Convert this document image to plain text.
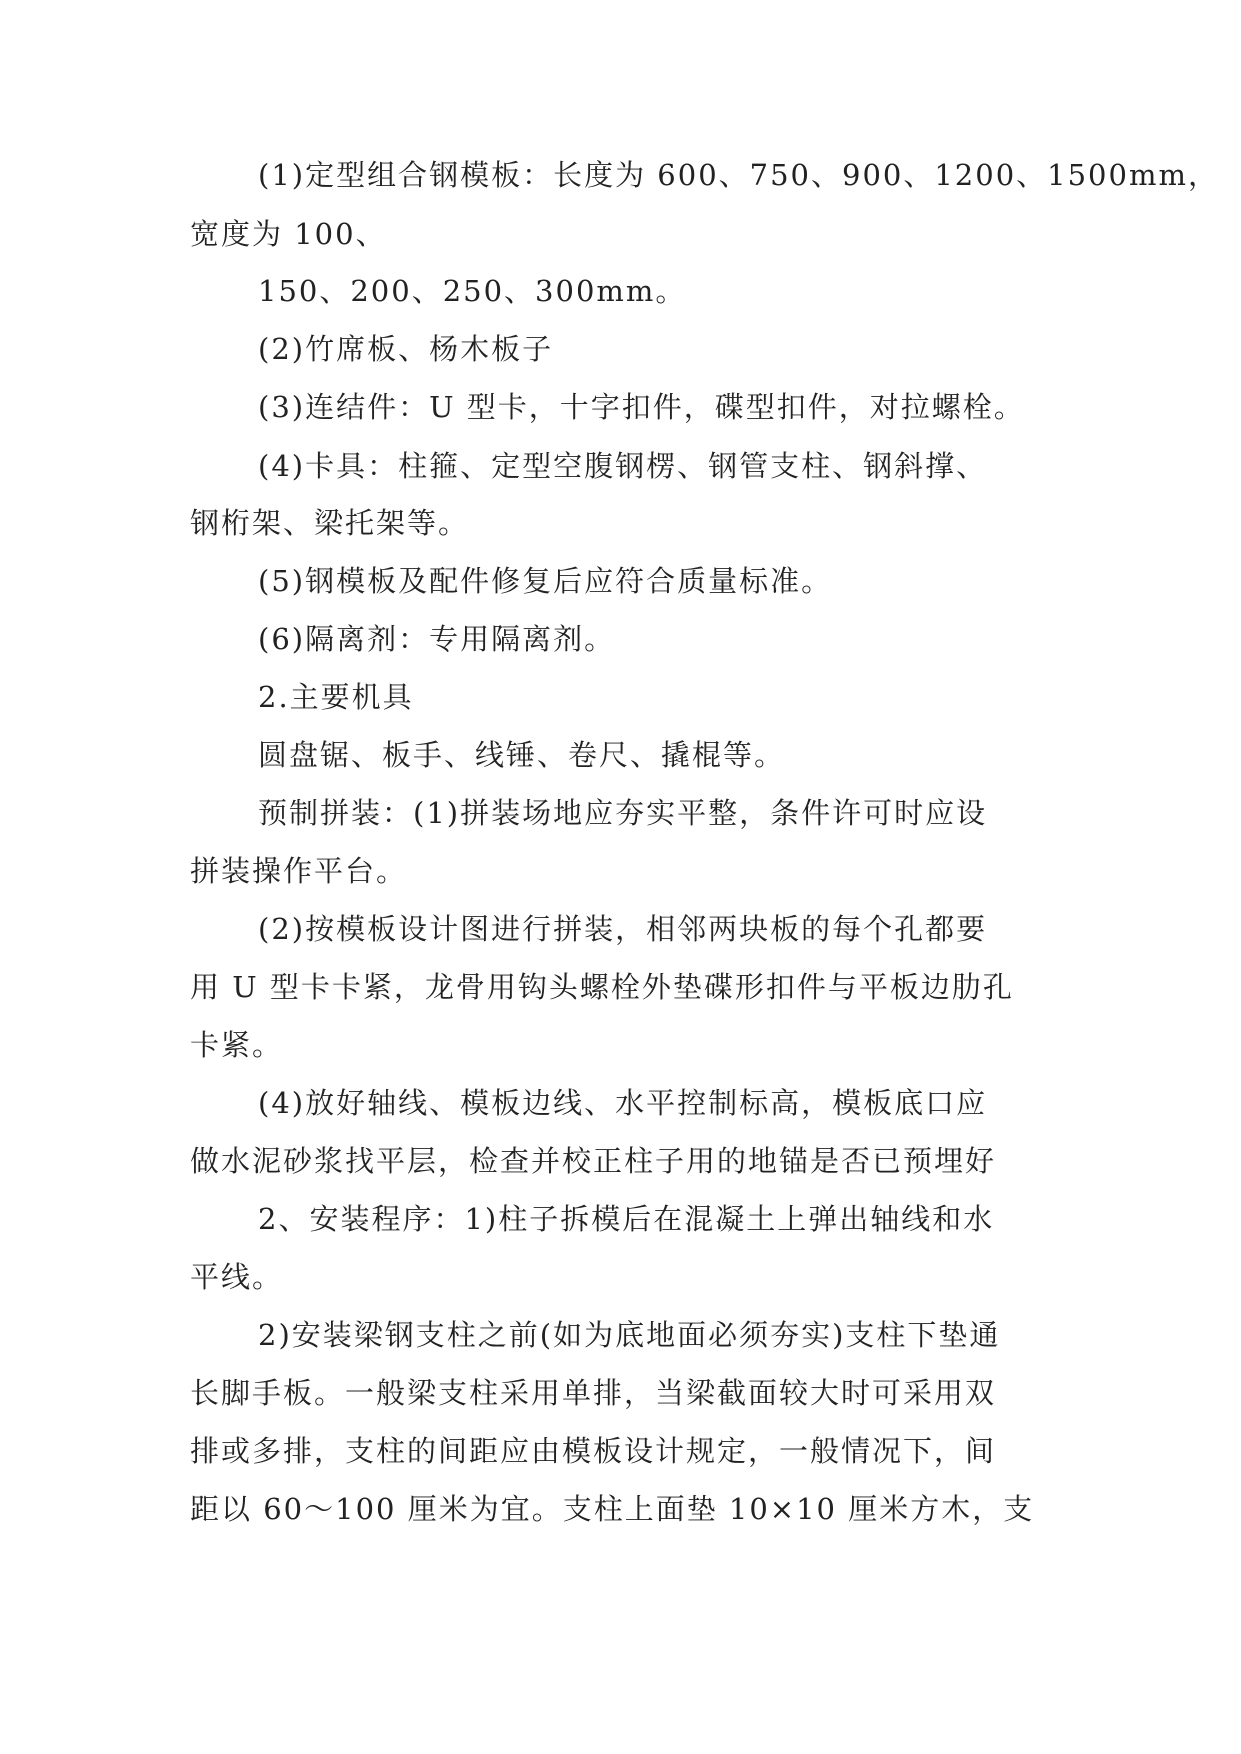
(1)定型组合钢模板：长度为 600、750、900、1200、1500mm，
宽度为 100、
150、200、250、300mm。
(2)竹席板、杨木板子
(3)连结件：U 型卡，十字扣件，碟型扣件，对拉螺栓。
(4)卡具：柱箍、定型空腹钢楞、钢管支柱、钢斜撑、
钢桁架、梁托架等。
(5)钢模板及配件修复后应符合质量标准。
(6)隔离剂：专用隔离剂。
2.主要机具
圆盘锯、板手、线锤、卷尺、撬棍等。
预制拼装：(1)拼装场地应夯实平整，条件许可时应设
拼装操作平台。
(2)按模板设计图进行拼装，相邻两块板的每个孔都要
用 U 型卡卡紧，龙骨用钩头螺栓外垫碟形扣件与平板边肋孔
卡紧。
(4)放好轴线、模板边线、水平控制标高，模板底口应
做水泥砂浆找平层，检查并校正柱子用的地锚是否已预埋好
2、安装程序：1)柱子拆模后在混凝土上弹出轴线和水
平线。
2)安装梁钢支柱之前(如为底地面必须夯实)支柱下垫通
长脚手板。一般梁支柱采用单排，当梁截面较大时可采用双
排或多排，支柱的间距应由模板设计规定，一般情况下，间
距以 60～100 厘米为宜。支柱上面垫 10×10 厘米方木，支
